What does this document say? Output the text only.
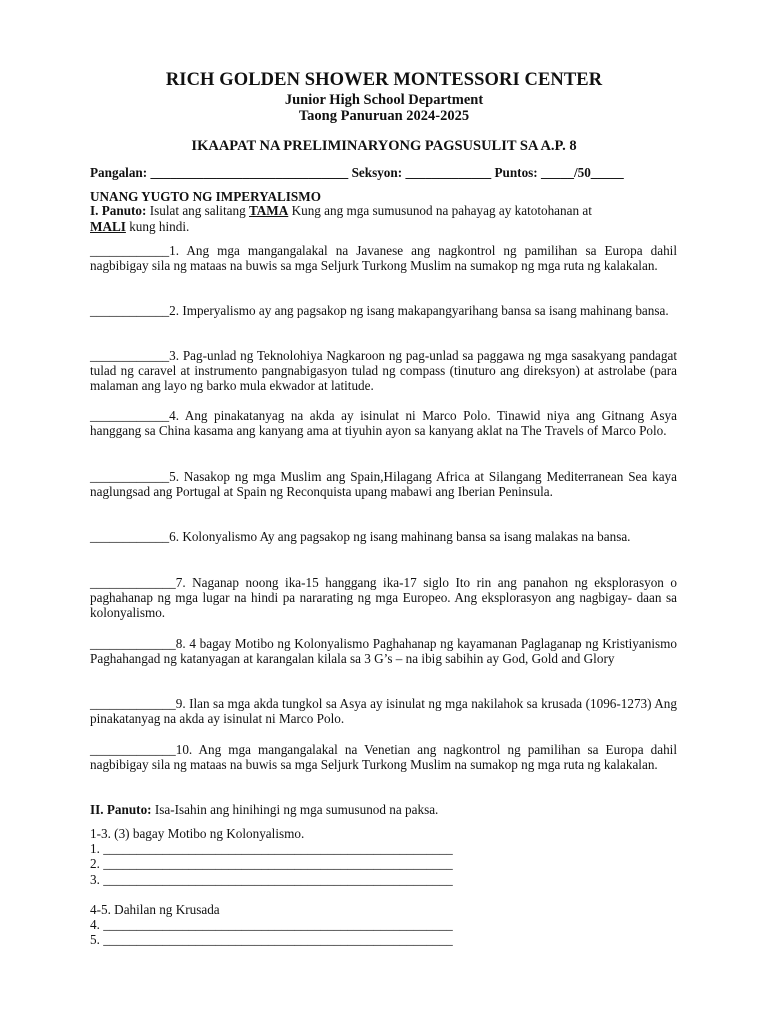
RICH GOLDEN SHOWER MONTESSORI CENTER
Junior High School Department
Taong Panuruan 2024-2025
IKAAPAT NA PRELIMINARYONG PAGSUSULIT SA A.P. 8
Pangalan: ______________________________ Seksyon: _____________ Puntos: _____/50_____
UNANG YUGTO NG IMPERYALISMO
I. Panuto: Isulat ang salitang TAMA Kung ang mga sumusunod na pahayag ay katotohanan at
MALI kung hindi.
____________1. Ang mga mangangalakal na Javanese ang nagkontrol ng pamilihan sa Europa dahil nagbibigay sila ng mataas na buwis sa mga Seljurk Turkong Muslim na sumakop ng mga ruta ng kalakalan.
____________2. Imperyalismo ay ang pagsakop ng isang makapangyarihang bansa sa isang mahinang bansa.
____________3. Pag-unlad ng Teknolohiya Nagkaroon ng pag-unlad sa paggawa ng mga sasakyang pandagat tulad ng caravel at instrumento pangnabigasyon tulad ng compass (tinuturo ang direksyon) at astrolabe (para malaman ang layo ng barko mula ekwador at latitude.
____________4. Ang pinakatanyag na akda ay isinulat ni Marco Polo. Tinawid niya ang Gitnang Asya hanggang sa China kasama ang kanyang ama at tiyuhin ayon sa kanyang aklat na The Travels of Marco Polo.
____________5. Nasakop ng mga Muslim ang Spain,Hilagang Africa at Silangang Mediterranean Sea kaya naglungsad ang Portugal at Spain ng Reconquista upang mabawi ang Iberian Peninsula.
____________6. Kolonyalismo Ay ang pagsakop ng isang mahinang bansa sa isang malakas na bansa.
_____________7. Naganap noong ika-15 hanggang ika-17 siglo Ito rin ang panahon ng eksplorasyon o paghahanap ng mga lugar na hindi pa nararating ng mga Europeo. Ang eksplorasyon ang nagbigay- daan sa kolonyalismo.
_____________8. 4 bagay Motibo ng Kolonyalismo Paghahanap ng kayamanan Paglaganap ng Kristiyanismo Paghahangad ng katanyagan at karangalan kilala sa 3 G’s – na ibig sabihin ay God, Gold and Glory
_____________9. Ilan sa mga akda tungkol sa Asya ay isinulat ng mga nakilahok sa krusada (1096-1273) Ang pinakatanyag na akda ay isinulat ni Marco Polo.
_____________10. Ang mga mangangalakal na Venetian ang nagkontrol ng pamilihan sa Europa dahil nagbibigay sila ng mataas na buwis sa mga Seljurk Turkong Muslim na sumakop ng mga ruta ng kalakalan.
II. Panuto: Isa-Isahin ang hinihingi ng mga sumusunod na paksa.
1-3. (3) bagay Motibo ng Kolonyalismo.
1. _____________________________________________________
2. _____________________________________________________
3. _____________________________________________________
4-5. Dahilan ng Krusada
4. _____________________________________________________
5. _____________________________________________________
